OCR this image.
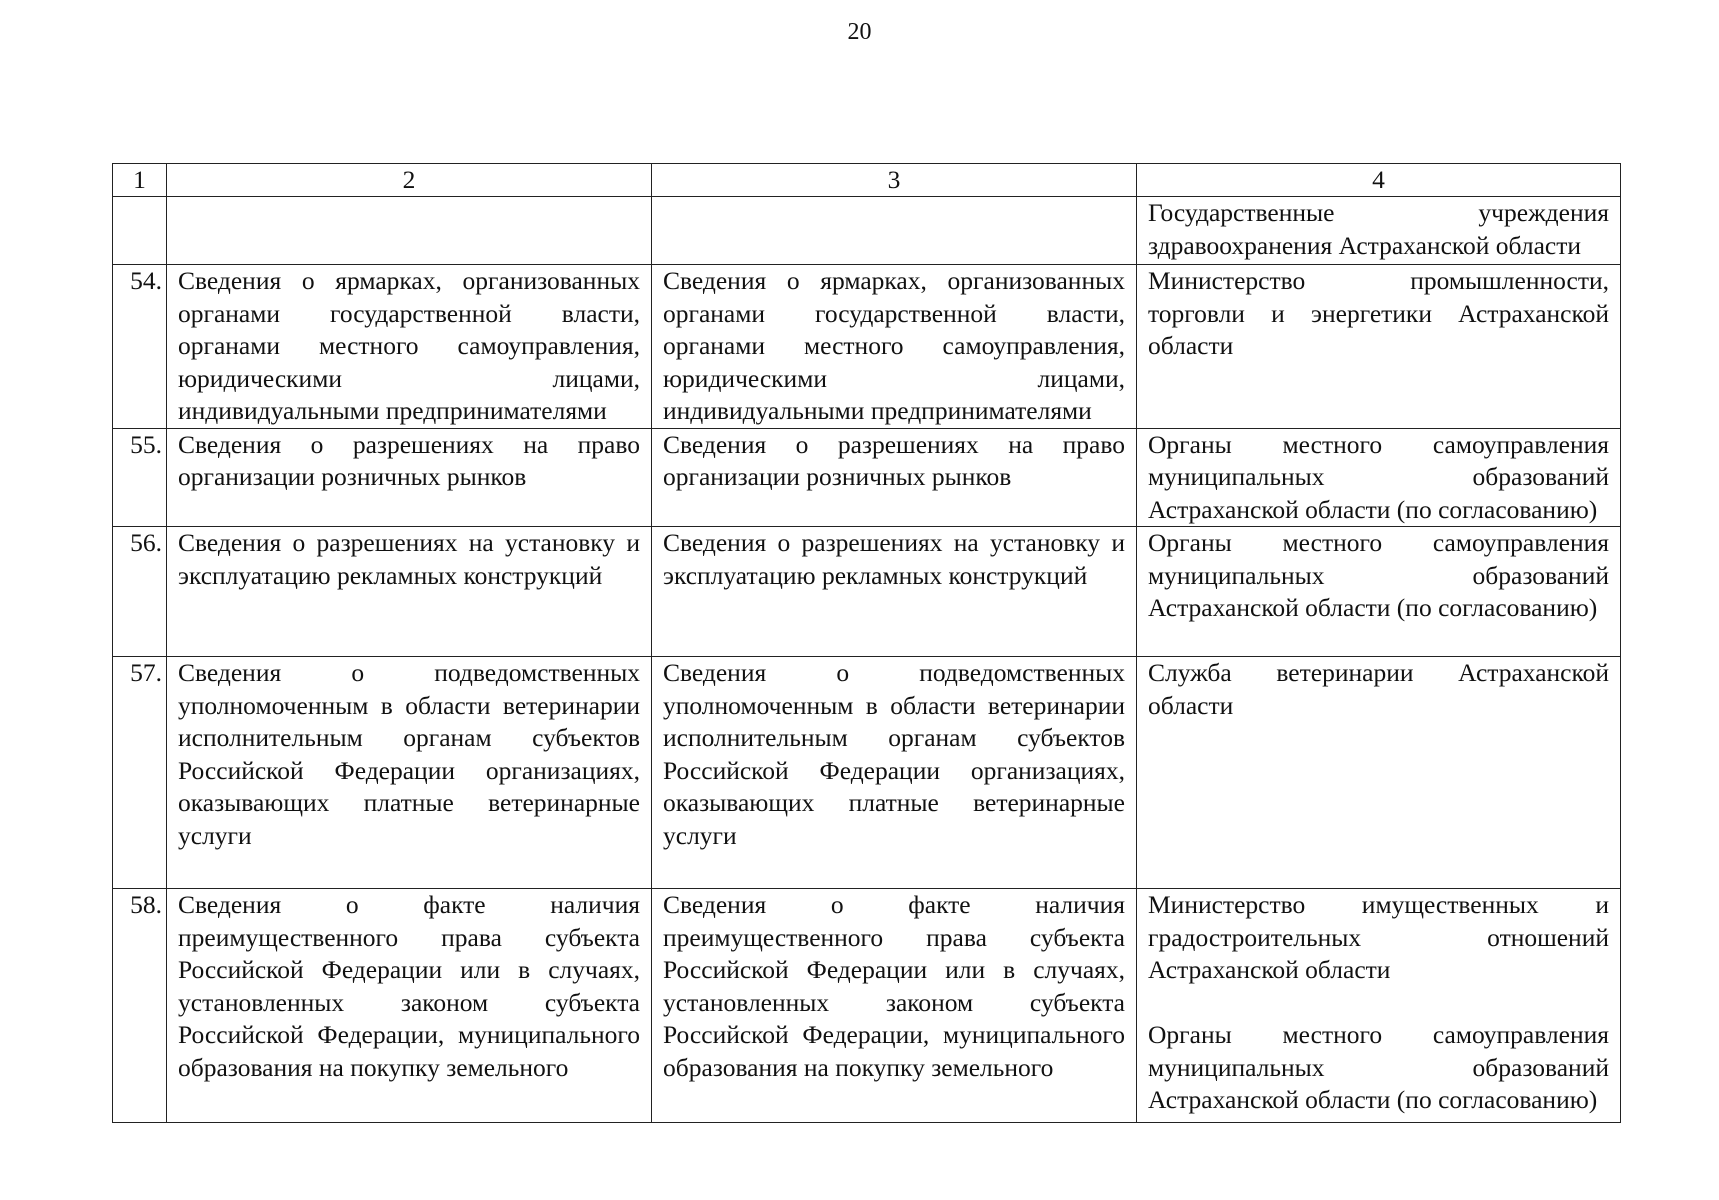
20
1	2	3	4
			Государственные учреждения здравоохранения Астраханской области
54.	Сведения о ярмарках, организованных органами государственной власти, органами местного самоуправления, юридическими лицами, индивидуальными предпринимателями	Сведения о ярмарках, организованных органами государственной власти, органами местного самоуправления, юридическими лицами, индивидуальными предпринимателями	Министерство промышленности, торговли и энергетики Астраханской области

55.	Сведения о разрешениях на право организации розничных рынков	Сведения о разрешениях на право организации розничных рынков	Органы местного самоуправления муниципальных образований Астраханской области (по согласованию)

56.	Сведения о разрешениях на установку и эксплуатацию рекламных конструкций	Сведения о разрешениях на установку и эксплуатацию рекламных конструкций	Органы местного самоуправления муниципальных образований Астраханской области (по согласованию)

57.	Сведения о подведомственных уполномоченным в области ветеринарии исполнительным органам субъектов Российской Федерации организациях, оказывающих платные ветеринарные услуги	Сведения о подведомственных уполномоченным в области ветеринарии исполнительным органам субъектов Российской Федерации организациях, оказывающих платные ветеринарные услуги	Служба ветеринарии Астраханской области

58.	Сведения о факте наличия преимущественного права субъекта Российской Федерации или в случаях, установленных законом субъекта Российской Федерации, муниципального образования на покупку земельного	Сведения о факте наличия преимущественного права субъекта Российской Федерации или в случаях, установленных законом субъекта Российской Федерации, муниципального образования на покупку земельного	Министерство имущественных и градостроительных отношений Астраханской области
Органы местного самоуправления муниципальных образований Астраханской области (по согласованию)
